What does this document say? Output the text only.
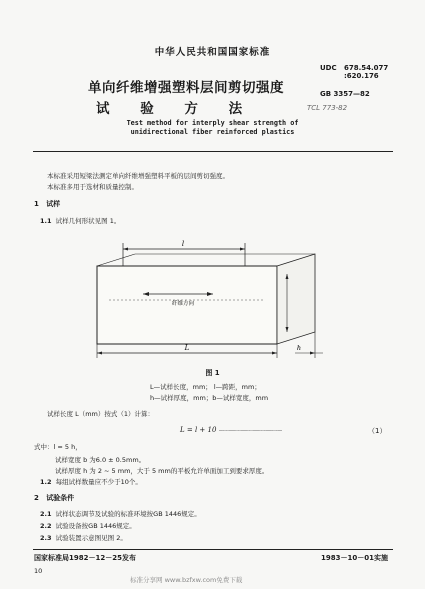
中华人民共和国国家标准
UDC 678.54.077
:620.176
GB 3357—82
TCL 773-82
单向纤维增强塑料层间剪切强度
试 验 方 法
Test method for interply shear strength of
unidirectional fiber reinforced plastics
本标准采用短梁法测定单向纤维增强塑料平板的层间剪切强度。
本标准多用于选材和质量控制。
1 试样
1.1 试样几何形状见图 1。
l
纤维方向
L	h
图 1
L—试样长度，mm； l—跨距，mm；
h—试样厚度，mm；b—试样宽度，mm
试样长度 L（mm）按式（1）计算：
L = l + 10 ··························································	（1）
式中：l = 5 h，
试样宽度 b 为6.0 ± 0.5mm。
试样厚度 h 为 2 ~ 5 mm，大于 5 mm的平板允许单面加工到要求厚度。
1.2 每组试样数量应不少于10个。
2 试验条件
2.1 试样状态调节及试验的标准环境按GB 1446规定。
2.2 试验设备按GB 1446规定。
2.3 试验装置示意图见图 2。
国家标准局1982－12－25发布	1983－10－01实施
10
标准分享网 www.bzfxw.com免费下载
